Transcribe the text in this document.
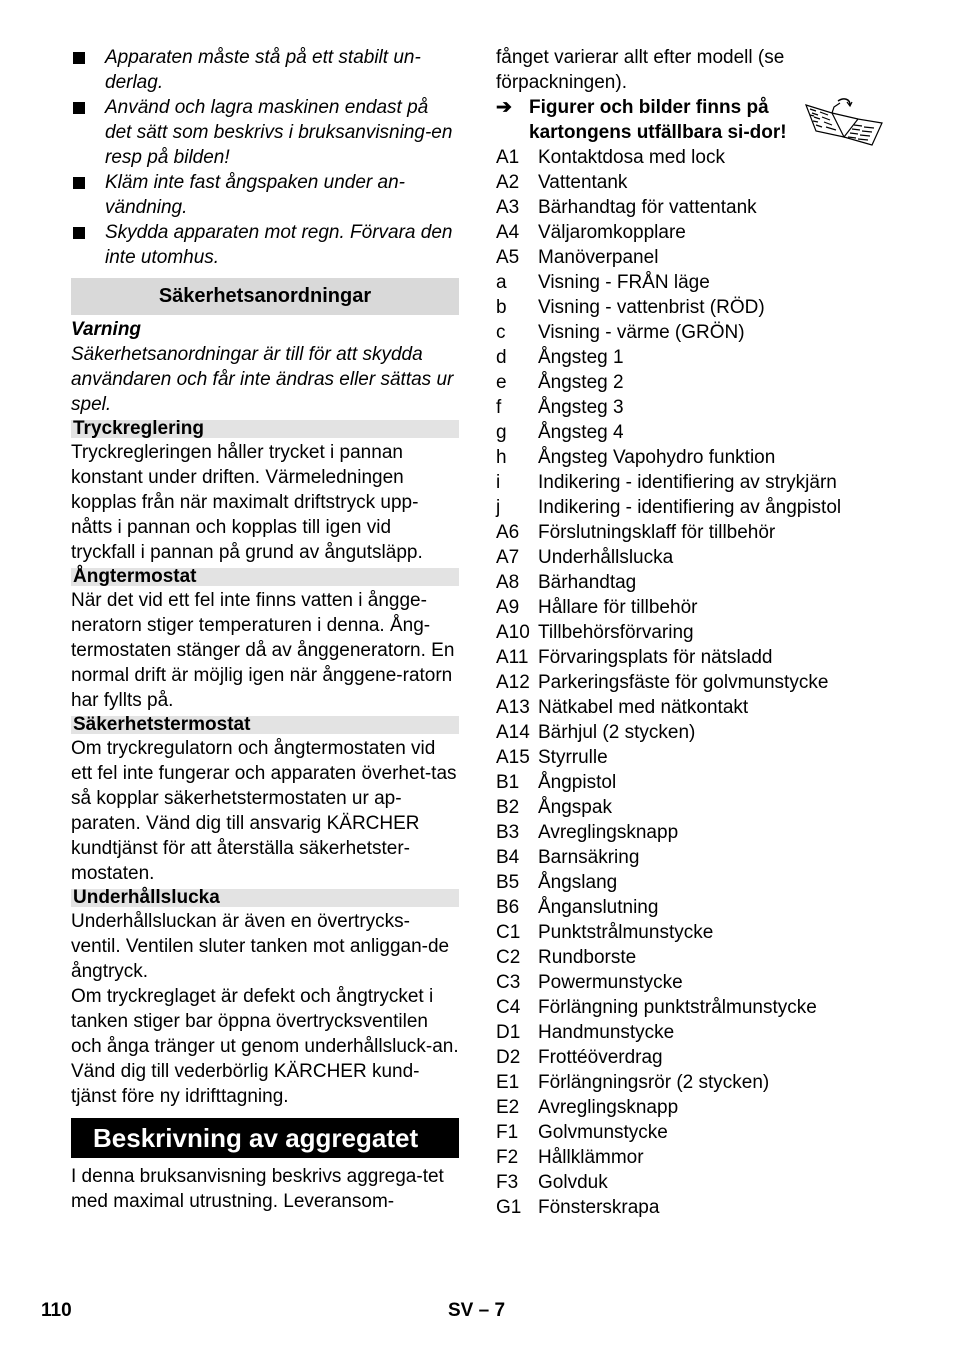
Apparaten måste stå på ett stabilt un-derlag.
Använd och lagra maskinen endast på det sätt som beskrivs i bruksanvisning-en resp på bilden!
Kläm inte fast ångspaken under an-vändning.
Skydda apparaten mot regn. Förvara den inte utomhus.
Säkerhetsanordningar
Varning
Säkerhetsanordningar är till för att skydda användaren och får inte ändras eller sättas ur spel.
Tryckreglering

Tryckregleringen håller trycket i pannan konstant under driften. Värmeledningen kopplas från när maximalt driftstryck upp-nåtts i pannan och kopplas till igen vid tryckfall i pannan på grund av ångutsläpp.

Ångtermostat

När det vid ett fel inte finns vatten i ångge-neratorn stiger temperaturen i denna. Ång-termostaten stänger då av ånggeneratorn. En normal drift är möjlig igen när ånggene-ratorn har fyllts på.

Säkerhetstermostat

Om tryckregulatorn och ångtermostaten vid ett fel inte fungerar och apparaten överhet-tas så kopplar säkerhetstermostaten ur ap-paraten. Vänd dig till ansvarig KÄRCHER kundtjänst för att återställa säkerhetster-mostaten.

Underhållslucka

Underhållsluckan är även en övertrycks-ventil. Ventilen sluter tanken mot anliggan-de ångtryck.

Om tryckreglaget är defekt och ångtrycket i tanken stiger bar öppna övertrycksventilen och ånga tränger ut genom underhållsluck-an.

Vänd dig till vederbörlig KÄRCHER kund-tjänst före ny idrifttagning.

Beskrivning av aggregatet

I denna bruksanvisning beskrivs aggrega-tet med maximal utrustning. Leveransom-

fånget varierar allt efter modell (se förpackningen).

➔ Figurer och bilder finns på kartongens utfällbara si-dor!
A1 Kontaktdosa med lock
A2 Vattentank
A3 Bärhandtag för vattentank
A4 Väljaromkopplare
A5 Manöverpanel
a	Visning - FRÅN läge
b	Visning - vattenbrist (RÖD)
c	Visning - värme (GRÖN)
d	Ångsteg 1
e	Ångsteg 2
f	Ångsteg 3
g	Ångsteg 4
h	Ångsteg Vapohydro funktion
i	Indikering - identifiering av strykjärn
j	Indikering - identifiering av ångpistol
A6 Förslutningsklaff för tillbehör
A7 Underhållslucka
A8 Bärhandtag
A9 Hållare för tillbehör
A10 Tillbehörsförvaring
A11 Förvaringsplats för nätsladd
A12 Parkeringsfäste för golvmunstycke
A13 Nätkabel med nätkontakt
A14 Bärhjul (2 stycken)
A15 Styrrulle
B1 Ångpistol
B2 Ångspak
B3 Avreglingsknapp
B4 Barnsäkring
B5 Ångslang
B6 Ånganslutning
C1 Punktstrålmunstycke
C2 Rundborste
C3 Powermunstycke
C4 Förlängning punktstrålmunstycke
D1 Handmunstycke
D2 Frottéöverdrag
E1 Förlängningsrör (2 stycken)
E2 Avreglingsknapp
F1	Golvmunstycke
F2	Hållklämmor
F3	Golvduk
G1 Fönsterskrapa
110	SV – 7
